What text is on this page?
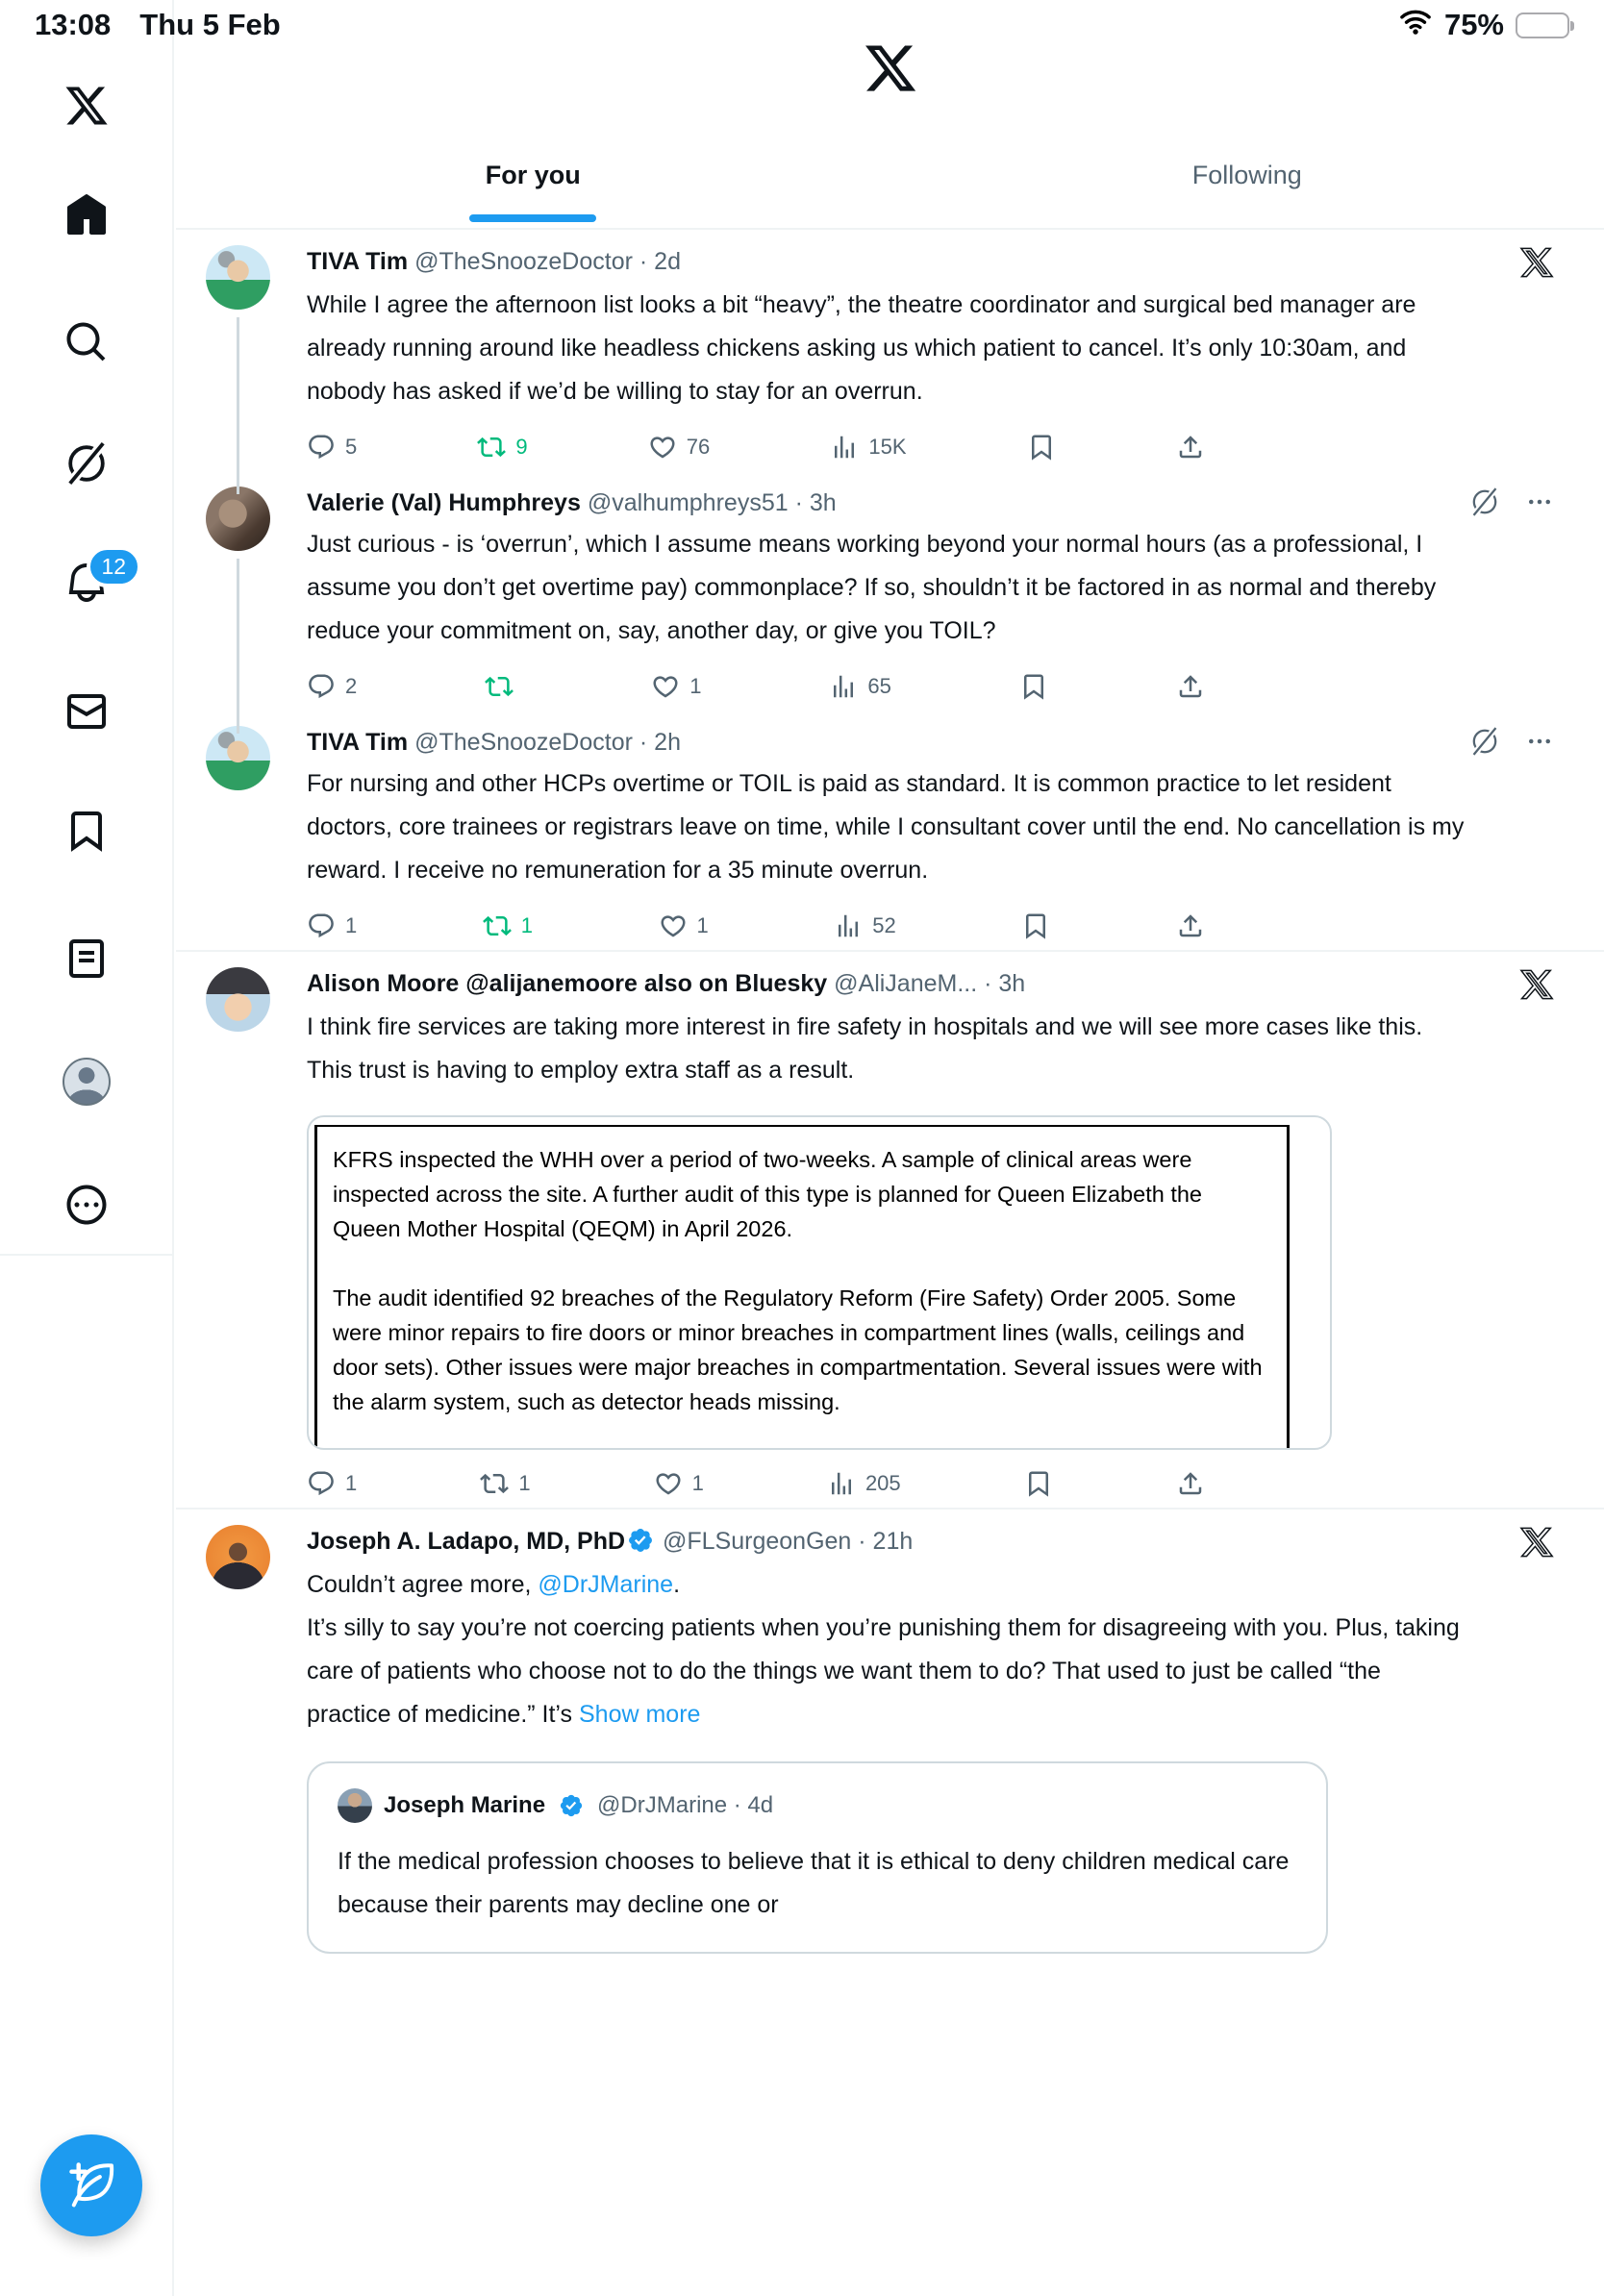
13:08 Thu 5 Feb	75%
12
For you	Following
TIVA Tim @TheSnoozeDoctor · 2d

While I agree the afternoon list looks a bit “heavy”, the theatre coordinator and surgical bed manager are already running around like headless chickens asking us which patient to cancel. It’s only 10:30am, and nobody has asked if we’d be willing to stay for an overrun.

5	9	76	15K
Valerie (Val) Humphreys @valhumphreys51 · 3h

Just curious - is ‘overrun’, which I assume means working beyond your normal hours (as a professional, I assume you don’t get overtime pay) commonplace? If so, shouldn’t it be factored in as normal and thereby reduce your commitment on, say, another day, or give you TOIL?

2	1	65
TIVA Tim @TheSnoozeDoctor · 2h

For nursing and other HCPs overtime or TOIL is paid as standard. It is common practice to let resident doctors, core trainees or registrars leave on time, while I consultant cover until the end. No cancellation is my reward. I receive no remuneration for a 35 minute overrun.

1	1	1	52
Alison Moore @alijanemoore also on Bluesky @AliJaneM... · 3h

I think fire services are taking more interest in fire safety in hospitals and we will see more cases like this. This trust is having to employ extra staff as a result.

KFRS inspected the WHH over a period of two-weeks. A sample of clinical areas were inspected across the site. A further audit of this type is planned for Queen Elizabeth the Queen Mother Hospital (QEQM) in April 2026.

The audit identified 92 breaches of the Regulatory Reform (Fire Safety) Order 2005. Some were minor repairs to fire doors or minor breaches in compartment lines (walls, ceilings and door sets). Other issues were major breaches in compartmentation. Several issues were with the alarm system, such as detector heads missing.

1	1	1	205
Joseph A. Ladapo, MD, PhD @FLSurgeonGen · 21h

Couldn’t agree more, @DrJMarine.
It’s silly to say you’re not coercing patients when you’re punishing them for disagreeing with you. Plus, taking care of patients who choose not to do the things we want them to do? That used to just be called “the practice of medicine.” It’s Show more

Joseph Marine @DrJMarine · 4d

If the medical profession chooses to believe that it is ethical to deny children medical care because their parents may decline one or
